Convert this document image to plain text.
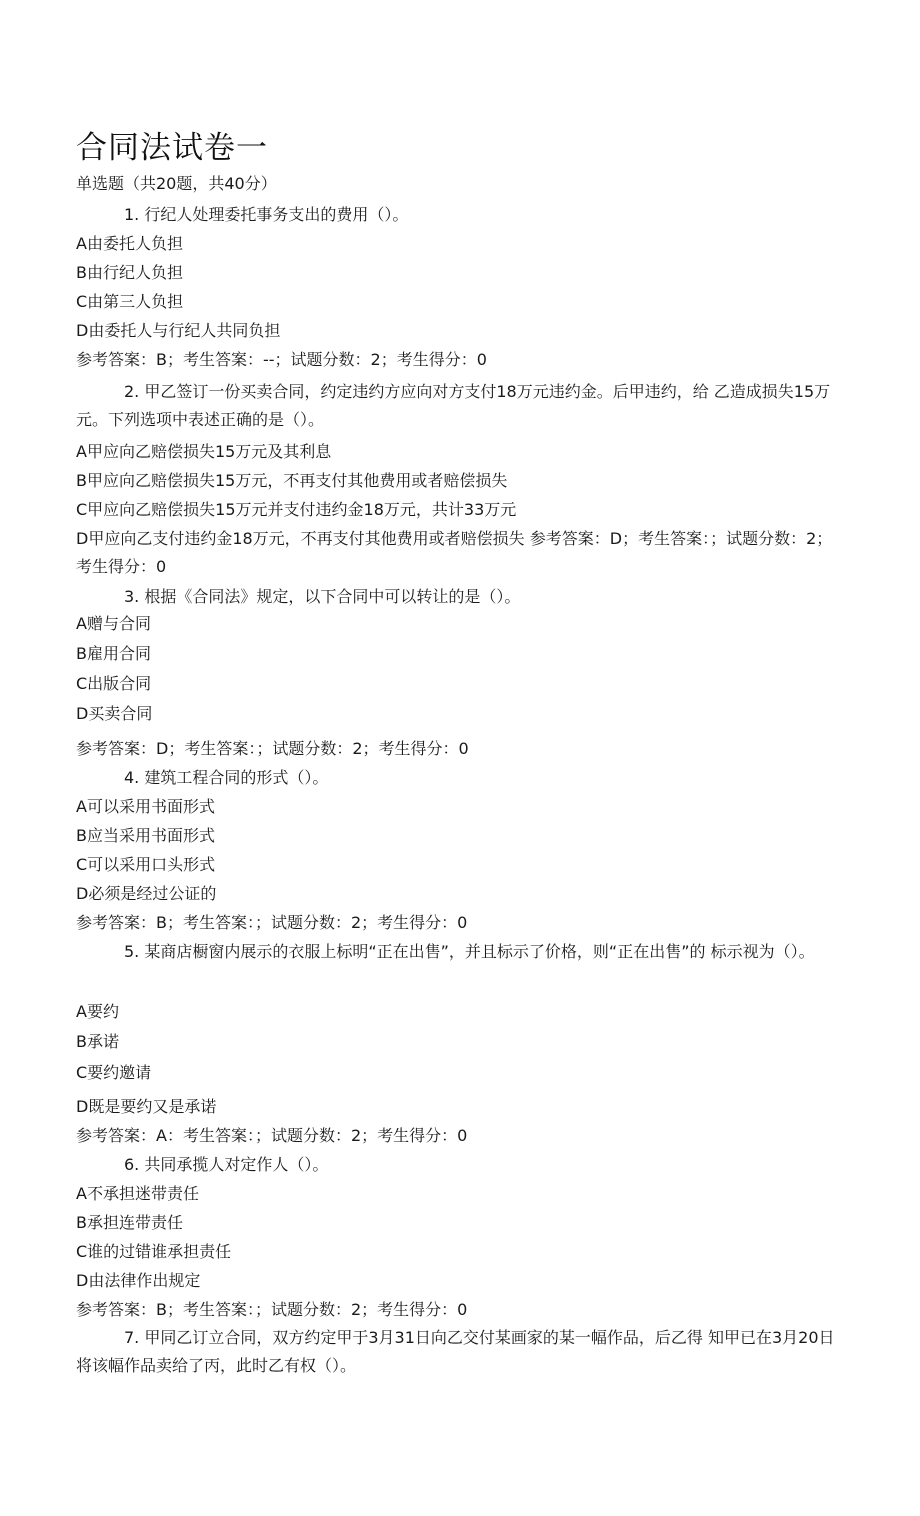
合同法试卷一
单选题（共20题，共40分）
1. 行纪人处理委托事务支出的费用（）。
A由委托人负担
B由行纪人负担
C由第三人负担
D由委托人与行纪人共同负担
参考答案：B；考生答案：--；试题分数：2；考生得分：0
2. 甲乙签订一份买卖合同，约定违约方应向对方支付18万元违约金。后甲违约，给 乙造成损失15万元。下列选项中表述正确的是（）。
A甲应向乙赔偿损失15万元及其利息
B甲应向乙赔偿损失15万元，不再支付其他费用或者赔偿损失
C甲应向乙赔偿损失15万元并支付违约金18万元，共计33万元
D甲应向乙支付违约金18万元，不再支付其他费用或者赔偿损失 参考答案：D；考生答案：；试题分数：2；考生得分：0
3. 根据《合同法》规定，以下合同中可以转让的是（）。
A赠与合同
B雇用合同
C出版合同
D买卖合同
参考答案：D；考生答案：；试题分数：2；考生得分：0
4. 建筑工程合同的形式（）。
A可以采用书面形式
B应当采用书面形式
C可以采用口头形式
D必须是经过公证的
参考答案：B；考生答案：；试题分数：2；考生得分：0
5. 某商店橱窗内展示的衣服上标明“正在出售”，并且标示了价格，则“正在出售”的 标示视为（）。
A要约
B承诺
C要约邀请
D既是要约又是承诺
参考答案：A：考生答案：；试题分数：2；考生得分：0
6. 共同承揽人对定作人（）。
A不承担迷带责任
B承担连带责任
C谁的过错谁承担责任
D由法律作出规定
参考答案：B；考生答案：；试题分数：2；考生得分：0
7. 甲同乙订立合同，双方约定甲于3月31日向乙交付某画家的某一幅作品，后乙得 知甲已在3月20日将该幅作品卖给了丙，此时乙有权（）。
